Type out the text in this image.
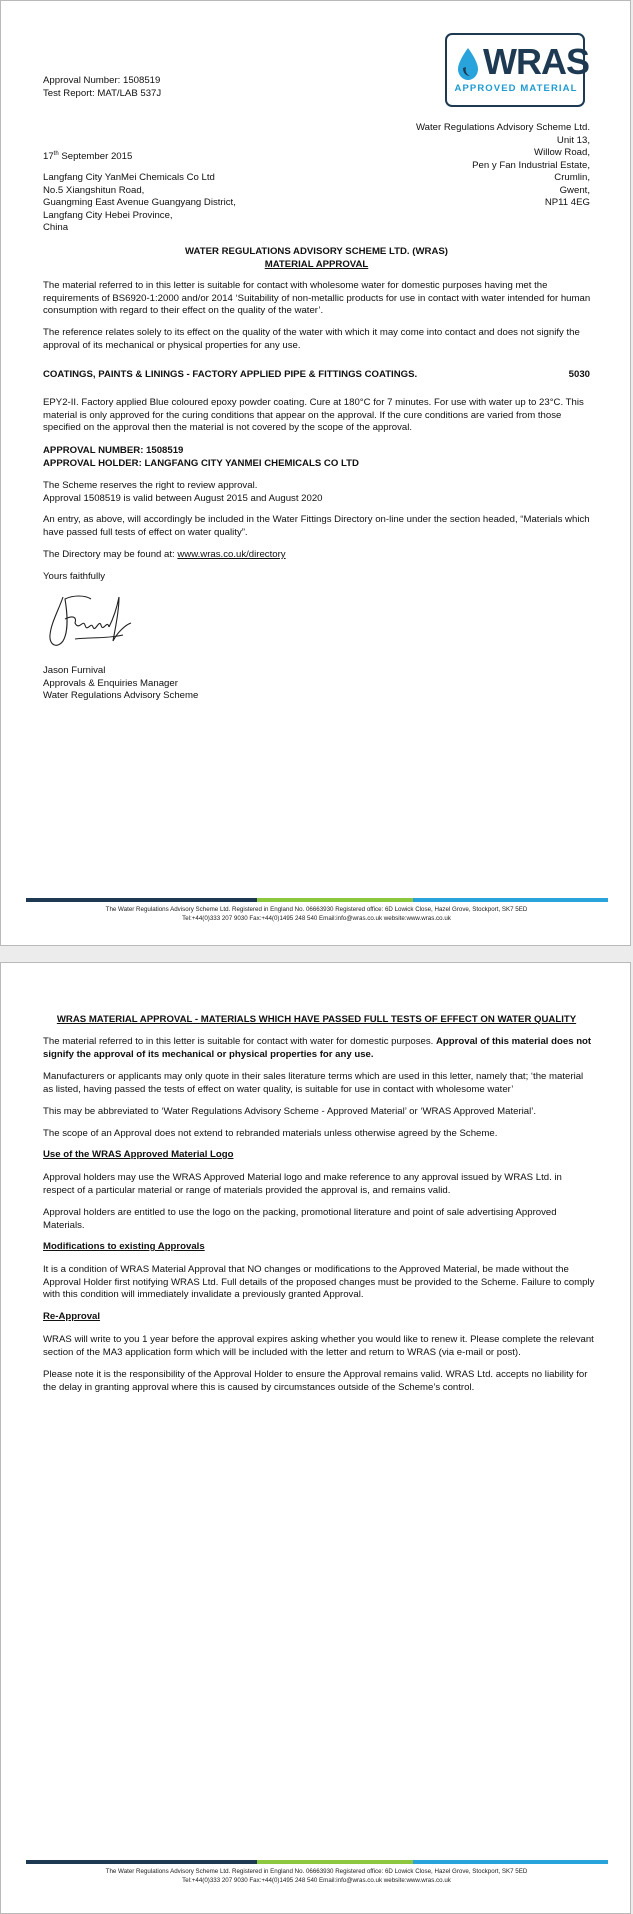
WRAS
APPROVED MATERIAL

Approval Number: 1508519

Test Report: MAT/LAB 537J

Water Regulations Advisory Scheme Ltd.
Unit 13,
Willow Road,
Pen y Fan Industrial Estate,
Crumlin,
Gwent,
NP11 4EG

17th September 2015

Langfang City YanMei Chemicals Co Ltd
No.5 Xiangshitun Road,
Guangming East Avenue Guangyang District,
Langfang City Hebei Province,
China

WATER REGULATIONS ADVISORY SCHEME LTD. (WRAS)

MATERIAL APPROVAL

The material referred to in this letter is suitable for contact with wholesome water for domestic purposes having met the requirements of BS6920-1:2000 and/or 2014 ‘Suitability of non-metallic products for use in contact with water intended for human consumption with regard to their effect on the quality of the water’.

The reference relates solely to its effect on the quality of the water with which it may come into contact and does not signify the approval of its mechanical or physical properties for any use.

COATINGS, PAINTS & LININGS - FACTORY APPLIED PIPE & FITTINGS COATINGS.	5030

EPY2-II. Factory applied Blue coloured epoxy powder coating. Cure at 180°C for 7 minutes. For use with water up to 23°C. This material is only approved for the curing conditions that appear on the approval. If the cure conditions are varied from those specified on the approval then the material is not covered by the scope of the approval.

APPROVAL NUMBER: 1508519

APPROVAL HOLDER: LANGFANG CITY YANMEI CHEMICALS CO LTD

The Scheme reserves the right to review approval.

Approval 1508519 is valid between August 2015 and August 2020

An entry, as above, will accordingly be included in the Water Fittings Directory on-line under the section headed, “Materials which have passed full tests of effect on water quality”.

The Directory may be found at: www.wras.co.uk/directory

Yours faithfully

Jason Furnival
Approvals & Enquiries Manager
Water Regulations Advisory Scheme
The Water Regulations Advisory Scheme Ltd. Registered in England No. 06663930 Registered office: 6D Lowick Close, Hazel Grove, Stockport, SK7 5ED
Tel:+44(0)333 207 9030 Fax:+44(0)1495 248 540 Email:info@wras.co.uk website:www.wras.co.uk

WRAS MATERIAL APPROVAL - MATERIALS WHICH HAVE PASSED FULL TESTS OF EFFECT ON WATER QUALITY

The material referred to in this letter is suitable for contact with water for domestic purposes. Approval of this material does not signify the approval of its mechanical or physical properties for any use.

Manufacturers or applicants may only quote in their sales literature terms which are used in this letter, namely that; ‘the material as listed, having passed the tests of effect on water quality, is suitable for use in contact with wholesome water’

This may be abbreviated to ‘Water Regulations Advisory Scheme - Approved Material’ or ‘WRAS Approved Material’.

The scope of an Approval does not extend to rebranded materials unless otherwise agreed by the Scheme.

Use of the WRAS Approved Material Logo

Approval holders may use the WRAS Approved Material logo and make reference to any approval issued by WRAS Ltd. in respect of a particular material or range of materials provided the approval is, and remains valid.

Approval holders are entitled to use the logo on the packing, promotional literature and point of sale advertising Approved Materials.

Modifications to existing Approvals

It is a condition of WRAS Material Approval that NO changes or modifications to the Approved Material, be made without the Approval Holder first notifying WRAS Ltd. Full details of the proposed changes must be provided to the Scheme. Failure to comply with this condition will immediately invalidate a previously granted Approval.

Re-Approval

WRAS will write to you 1 year before the approval expires asking whether you would like to renew it. Please complete the relevant section of the MA3 application form which will be included with the letter and return to WRAS (via e-mail or post).

Please note it is the responsibility of the Approval Holder to ensure the Approval remains valid. WRAS Ltd. accepts no liability for the delay in granting approval where this is caused by circumstances outside of the Scheme’s control.

The Water Regulations Advisory Scheme Ltd. Registered in England No. 06663930 Registered office: 6D Lowick Close, Hazel Grove, Stockport, SK7 5ED
Tel:+44(0)333 207 9030 Fax:+44(0)1495 248 540 Email:info@wras.co.uk website:www.wras.co.uk
